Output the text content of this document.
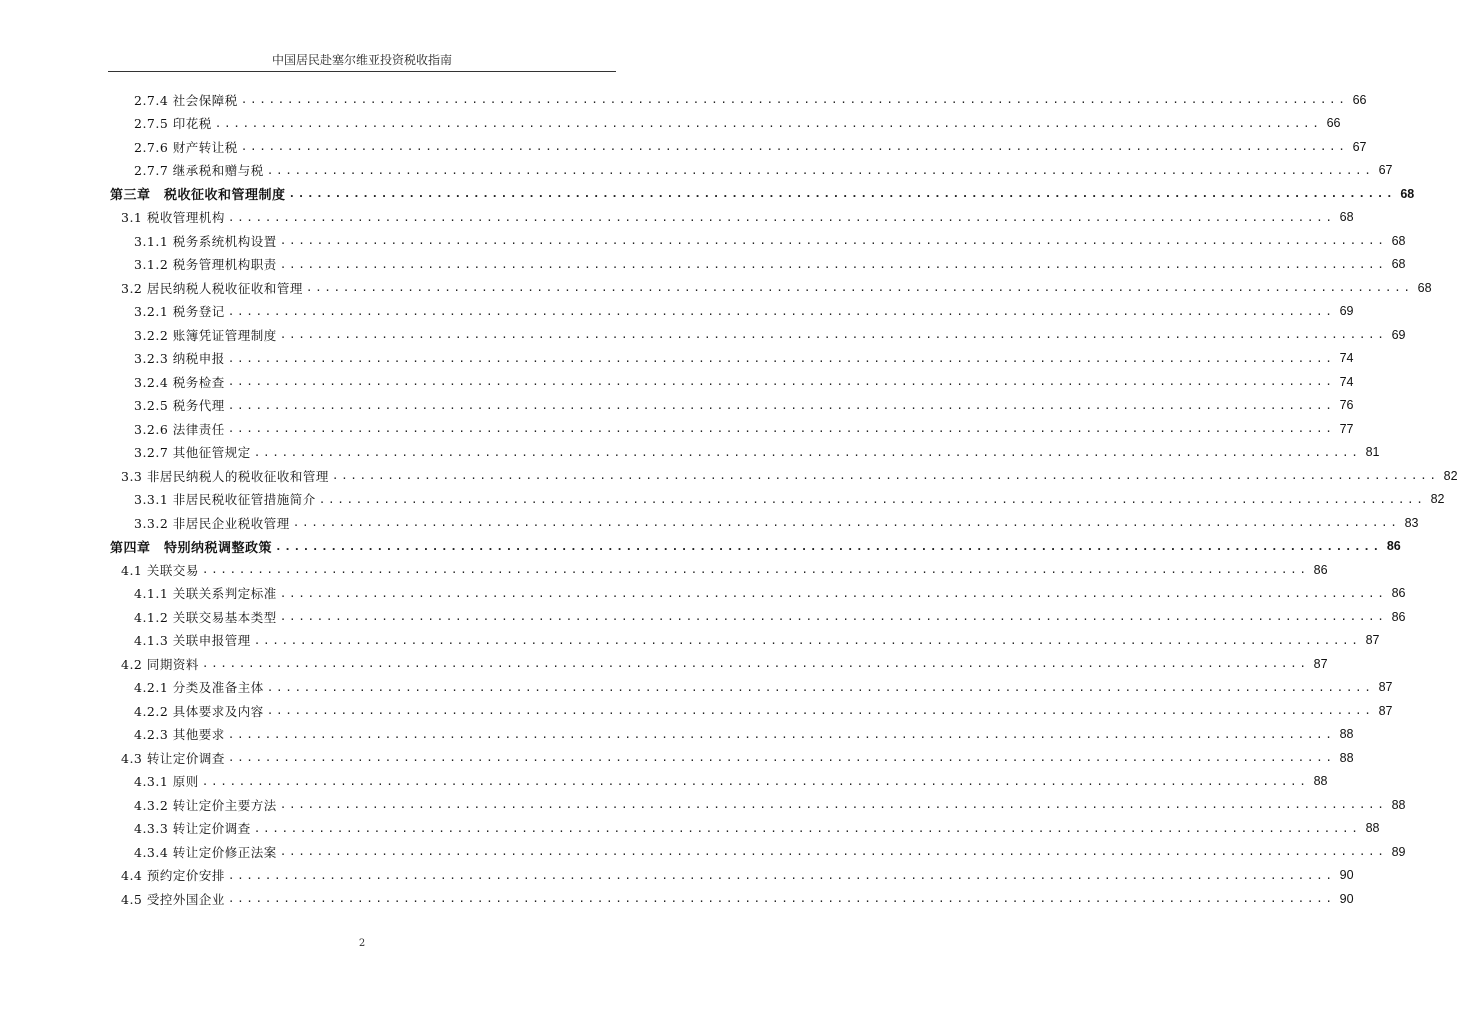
中国居民赴塞尔维亚投资税收指南
2.7.4 社会保障税 ........................................................................................................................ 66
2.7.5 印花税 ........................................................................................................................ 66
2.7.6 财产转让税 ........................................................................................................................ 67
2.7.7 继承税和赠与税 ........................................................................................................................ 67
第三章　税收征收和管理制度 ........................................................................................................................ 68
3.1 税收管理机构 ........................................................................................................................ 68
3.1.1 税务系统机构设置 ........................................................................................................................ 68
3.1.2 税务管理机构职责 ........................................................................................................................ 68
3.2 居民纳税人税收征收和管理 ........................................................................................................................ 68
3.2.1 税务登记 ........................................................................................................................ 69
3.2.2 账簿凭证管理制度 ........................................................................................................................ 69
3.2.3 纳税申报 ........................................................................................................................ 74
3.2.4 税务检查 ........................................................................................................................ 74
3.2.5 税务代理 ........................................................................................................................ 76
3.2.6 法律责任 ........................................................................................................................ 77
3.2.7 其他征管规定 ........................................................................................................................ 81
3.3 非居民纳税人的税收征收和管理 ........................................................................................................................ 82
3.3.1 非居民税收征管措施简介 ........................................................................................................................ 82
3.3.2 非居民企业税收管理 ........................................................................................................................ 83
第四章　特别纳税调整政策 ........................................................................................................................ 86
4.1 关联交易 ........................................................................................................................ 86
4.1.1 关联关系判定标准 ........................................................................................................................ 86
4.1.2 关联交易基本类型 ........................................................................................................................ 86
4.1.3 关联申报管理 ........................................................................................................................ 87
4.2 同期资料 ........................................................................................................................ 87
4.2.1 分类及准备主体 ........................................................................................................................ 87
4.2.2 具体要求及内容 ........................................................................................................................ 87
4.2.3 其他要求 ........................................................................................................................ 88
4.3 转让定价调查 ........................................................................................................................ 88
4.3.1 原则 ........................................................................................................................ 88
4.3.2 转让定价主要方法 ........................................................................................................................ 88
4.3.3 转让定价调查 ........................................................................................................................ 88
4.3.4 转让定价修正法案 ........................................................................................................................ 89
4.4 预约定价安排 ........................................................................................................................ 90
4.5 受控外国企业 ........................................................................................................................ 90
2
